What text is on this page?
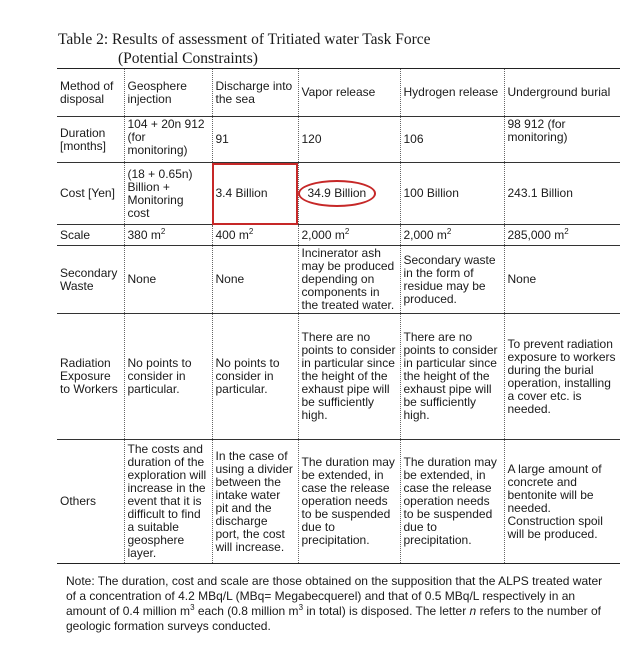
Table 2: Results of assessment of Tritiated water Task Force
(Potential Constraints)
Method of disposal	Geosphere injection	Discharge into the sea	Vapor release	Hydrogen release	Underground burial
Duration [months]	104 + 20n 912 (for monitoring)	91	120	106	98 912 (for monitoring)
Cost [Yen]	(18 + 0.65n) Billion + Monitoring cost	3.4 Billion	34.9 Billion	100 Billion	243.1 Billion
Scale	380 $m^2$	400 $m^2$	2,000 $m^2$	2,000 $m^2$	285,000 $m^2$
Secondary Waste	None	None	Incinerator ash may be produced depending on components in the treated water.	Secondary waste in the form of residue may be produced.	None
Radiation Exposure to Workers	No points to consider in particular.	No points to consider in particular.	There are no points to consider in particular since the height of the exhaust pipe will be sufficiently high.	There are no points to consider in particular since the height of the exhaust pipe will be sufficiently high.	To prevent radiation exposure to workers during the burial operation, installing a cover etc. is needed.
Others	The costs and duration of the exploration will increase in the event that it is difficult to find a suitable geosphere layer.	In the case of using a divider between the intake water pit and the discharge port, the cost will increase.	The duration may be extended, in case the release operation needs to be suspended due to precipitation.	The duration may be extended, in case the release operation needs to be suspended due to precipitation.	A large amount of concrete and bentonite will be needed. Construction spoil will be produced.
Note: The duration, cost and scale are those obtained on the supposition that the ALPS treated water of a concentration of 4.2 MBq/L (MBq= Megabecquerel) and that of 0.5 MBq/L respectively in an amount of 0.4 million $m^3$ each (0.8 million $m^3$ in total) is disposed. The letter n refers to the number of geologic formation surveys conducted.
